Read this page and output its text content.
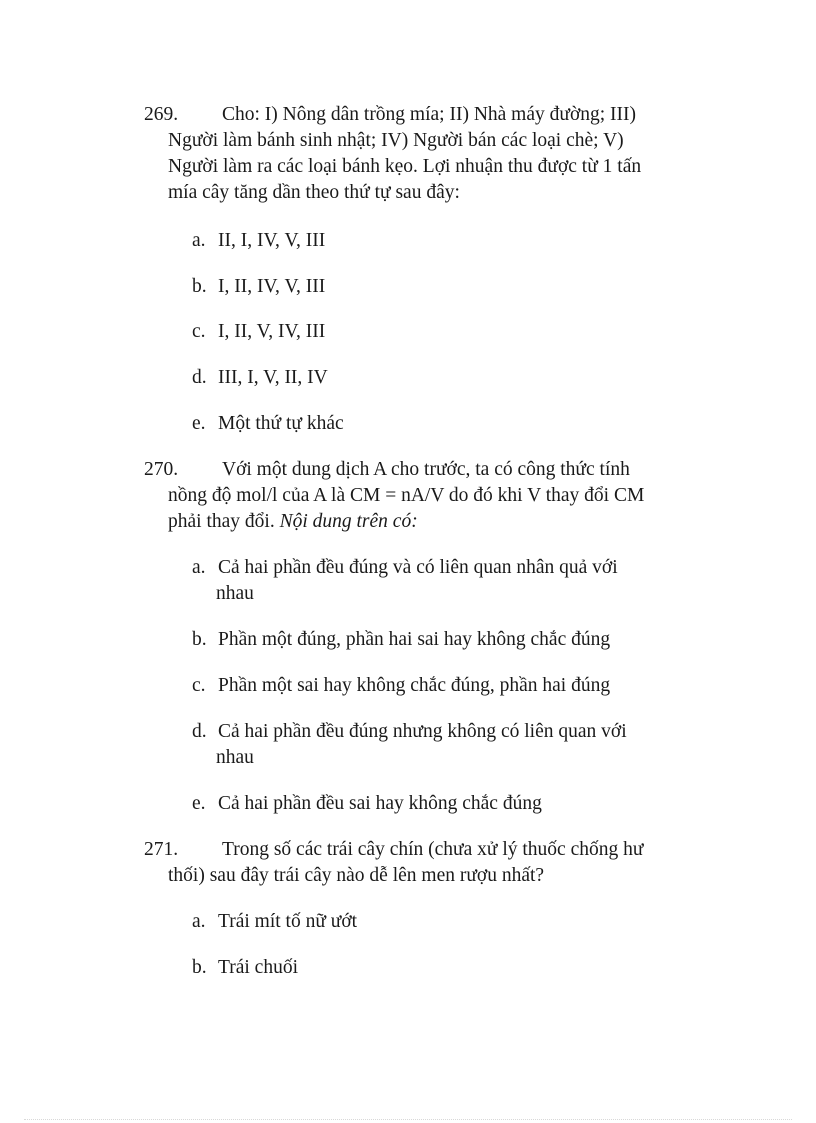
269. Cho: I) Nông dân trồng mía; II) Nhà máy đường; III)
Người làm bánh sinh nhật; IV) Người bán các loại chè; V)
Người làm ra các loại bánh kẹo. Lợi nhuận thu được từ 1 tấn
mía cây tăng dần theo thứ tự sau đây:
a. II, I, IV, V, III
b. I, II, IV, V, III
c. I, II, V, IV, III
d. III, I, V, II, IV
e. Một thứ tự khác
270. Với một dung dịch A cho trước, ta có công thức tính
nồng độ mol/l của A là CM = nA/V do đó khi V thay đổi CM
phải thay đổi. Nội dung trên có:
a. Cả hai phần đều đúng và có liên quan nhân quả với
nhau
b. Phần một đúng, phần hai sai hay không chắc đúng
c. Phần một sai hay không chắc đúng, phần hai đúng
d. Cả hai phần đều đúng nhưng không có liên quan với
nhau
e. Cả hai phần đều sai hay không chắc đúng
271. Trong số các trái cây chín (chưa xử lý thuốc chống hư
thối) sau đây trái cây nào dễ lên men rượu nhất?
a. Trái mít tố nữ ướt
b. Trái chuối
